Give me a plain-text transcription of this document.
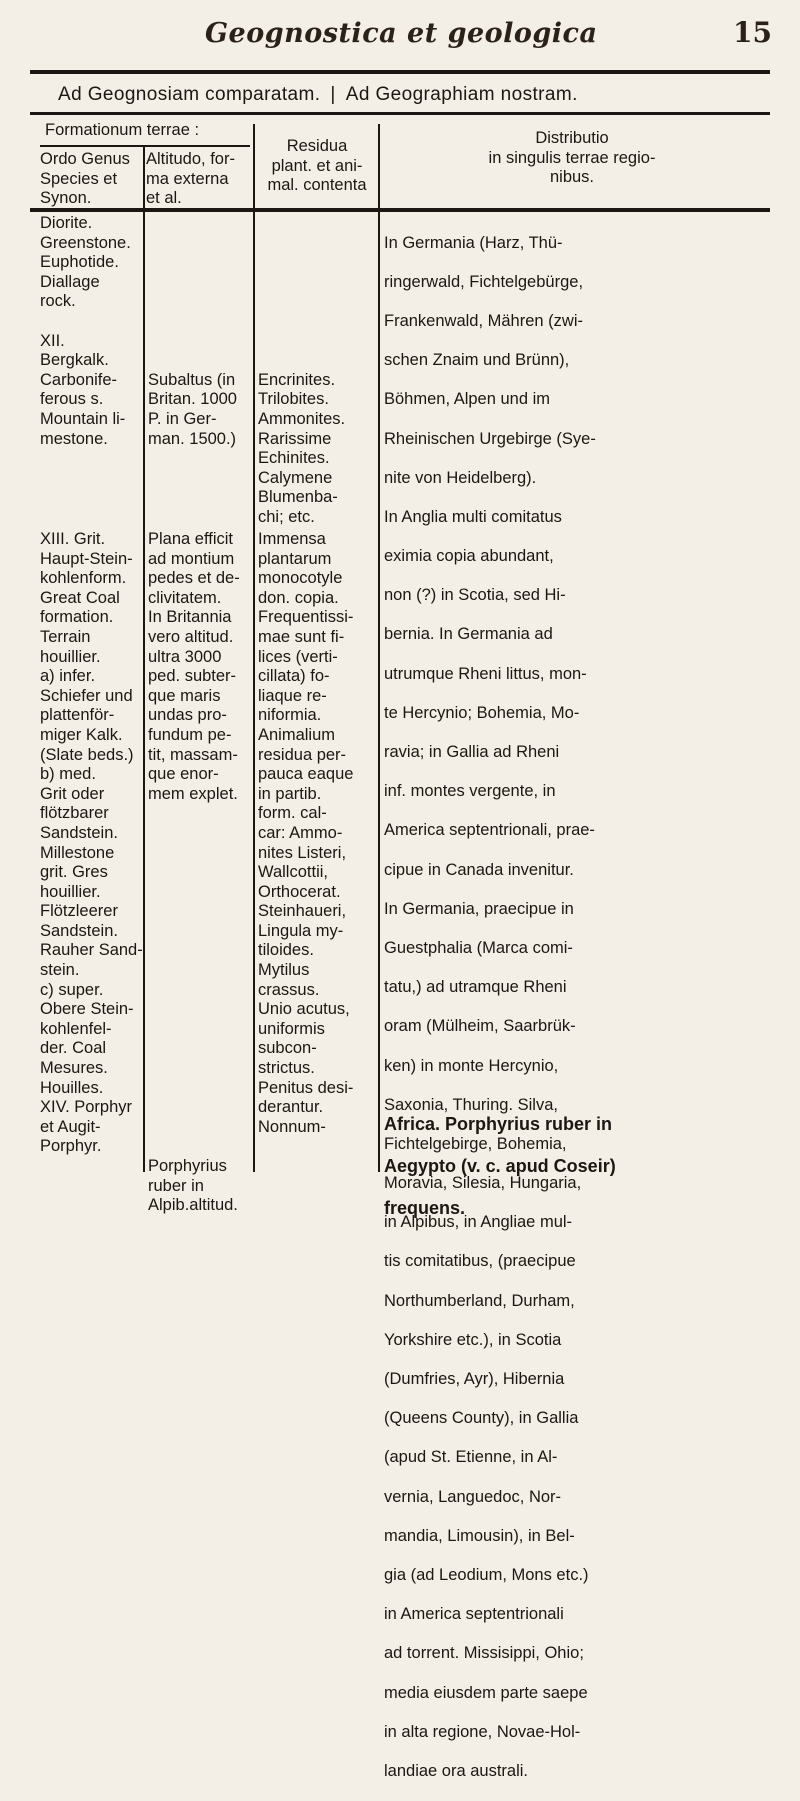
Geognostica et geologica	15
Ad Geognosiam comparatam. | Ad Geographiam nostram.
Formationum terrae :
Ordo Genus
Species et
Synon.
Altitudo, for-
ma externa
et al.
Residua
plant. et ani-
mal. contenta
Distributio
in singulis terrae regio-
nibus.
Diorite.
Greenstone.
Euphotide.
Diallage
rock.

XII.
Bergkalk.
Carbonife-
ferous s.
Mountain li-
mestone.

Subaltus (in
Britan. 1000
P. in Ger-
man. 1500.)

Encrinites.
Trilobites.
Ammonites.
Rarissime
Echinites.
Calymene
Blumenba-
chi; etc.
XIII. Grit.
Haupt-Stein-
kohlenform.
Great Coal
formation.
Terrain
houillier.
a) infer.
Schiefer und
plattenför-
miger Kalk.
(Slate beds.)
b) med.
Grit oder
flötzbarer
Sandstein.
Millestone
grit. Gres
houillier.
Flötzleerer
Sandstein.
Rauher Sand-
stein.
c) super.
Obere Stein-
kohlenfel-
der. Coal
Mesures.
Houilles.
XIV. Porphyr
et Augit-
Porphyr.
Plana efficit
ad montium
pedes et de-
clivitatem.
In Britannia
vero altitud.
ultra 3000
ped. subter-
que maris
undas pro-
fundum pe-
tit, massam-
que enor-
mem explet.

Porphyrius
ruber in
Alpib.altitud.
Immensa
plantarum
monocotyle
don. copia.
Frequentissi-
mae sunt fi-
lices (verti-
cillata) fo-
liaque re-
niformia.
Animalium
residua per-
pauca eaque
in partib.
form. cal-
car: Ammo-
nites Listeri,
Wallcottii,
Orthocerat.
Steinhaueri,
Lingula my-
tiloides.
Mytilus
crassus.
Unio acutus,
uniformis
subcon-
strictus.
Penitus desi-
derantur.
Nonnum-

In Germania (Harz, Thü-

ringerwald, Fichtelgebürge,

Frankenwald, Mähren (zwi-

schen Znaim und Brünn),

Böhmen, Alpen und im

Rheinischen Urgebirge (Sye-

nite von Heidelberg).

In Anglia multi comitatus

eximia copia abundant,

non (?) in Scotia, sed Hi-

bernia. In Germania ad

utrumque Rheni littus, mon-

te Hercynio; Bohemia, Mo-

ravia; in Gallia ad Rheni

inf. montes vergente, in

America septentrionali, prae-

cipue in Canada invenitur.

In Germania, praecipue in

Guestphalia (Marca comi-

tatu,) ad utramque Rheni

oram (Mülheim, Saarbrük-

ken) in monte Hercynio,

Saxonia, Thuring. Silva,

Fichtelgebirge, Bohemia,

Moravia, Silesia, Hungaria,

in Alpibus, in Angliae mul-

tis comitatibus, (praecipue

Northumberland, Durham,

Yorkshire etc.), in Scotia

(Dumfries, Ayr), Hibernia

(Queens County), in Gallia

(apud St. Etienne, in Al-

vernia, Languedoc, Nor-

mandia, Limousin), in Bel-

gia (ad Leodium, Mons etc.)

in America septentrionali

ad torrent. Missisippi, Ohio;

media eiusdem parte saepe

in alta regione, Novae-Hol-

landiae ora australi.

Africa. Porphyrius ruber in

Aegypto (v. c. apud Coseir)

frequens.
